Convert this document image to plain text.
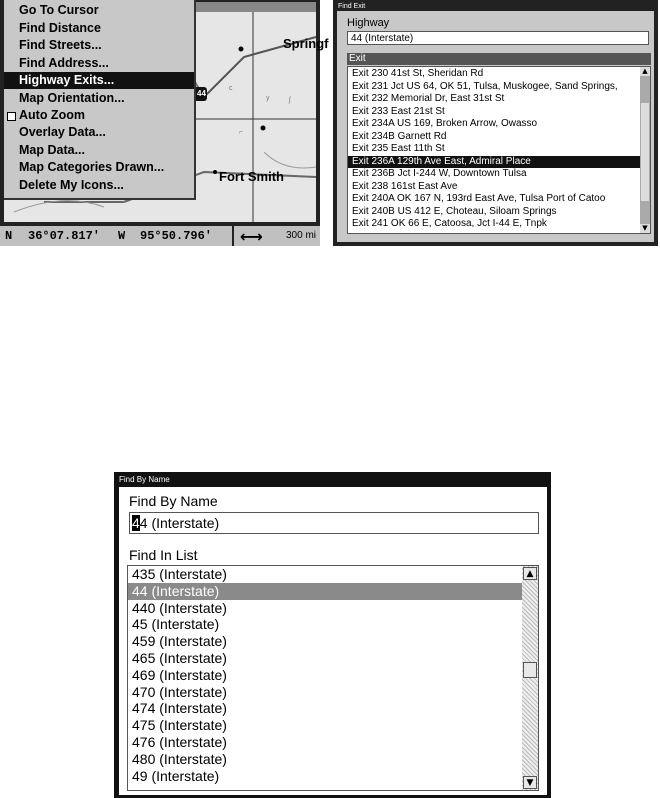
y
c
ʃ
⌐
Springf
Fort Smith
44
Go To Cursor
Find Distance
Find Streets...
Find Address...
Highway Exits...
Map Orientation...
Auto Zoom
Overlay Data...
Map Data...
Map Categories Drawn...
Delete My Icons...
N 36°07.817' W 95°50.796' ⟷ 300 mi
Find Exit
Highway
44 (Interstate)
Exit
Exit 230 41st St, Sheridan Rd
Exit 231 Jct US 64, OK 51, Tulsa, Muskogee, Sand Springs,
Exit 232 Memorial Dr, East 31st St
Exit 233 East 21st St
Exit 234A US 169, Broken Arrow, Owasso
Exit 234B Garnett Rd
Exit 235 East 11th St
Exit 236A 129th Ave East, Admiral Place
Exit 236B Jct I-244 W, Downtown Tulsa
Exit 238 161st East Ave
Exit 240A OK 167 N, 193rd East Ave, Tulsa Port of Catoo
Exit 240B US 412 E, Choteau, Siloam Springs
Exit 241 OK 66 E, Catoosa, Jct I-44 E, Tnpk
▲
▼
Find By Name
Find By Name
44 (Interstate)
Find In List
435 (Interstate)
44 (Interstate)
440 (Interstate)
45 (Interstate)
459 (Interstate)
465 (Interstate)
469 (Interstate)
470 (Interstate)
474 (Interstate)
475 (Interstate)
476 (Interstate)
480 (Interstate)
49 (Interstate)
▲
▼
